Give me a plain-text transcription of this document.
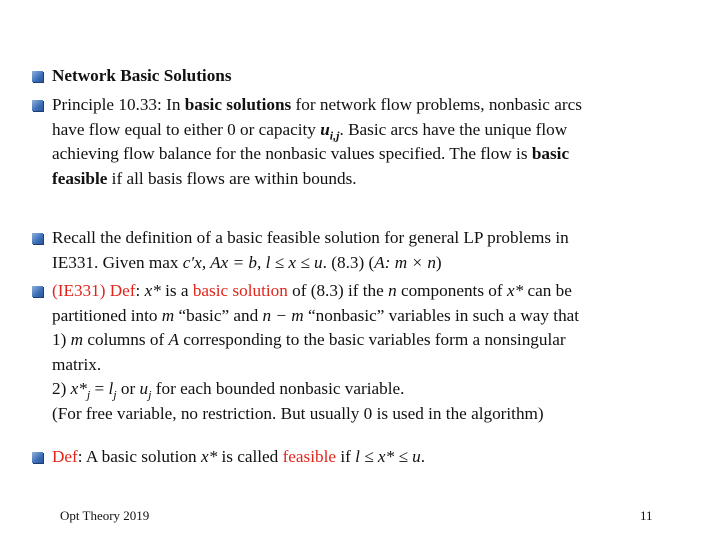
Network Basic Solutions
Principle 10.33: In basic solutions for network flow problems, nonbasic arcs
have flow equal to either 0 or capacity $u_{i,j}$. Basic arcs have the unique flow
achieving flow balance for the nonbasic values specified. The flow is basic
feasible if all basis flows are within bounds.
Recall the definition of a basic feasible solution for general LP problems in
IE331. Given max c′x, Ax = b, l ≤ x ≤ u. (8.3) (A: m × n)
(IE331) Def: x* is a basic solution of (8.3) if the n components of x* can be
partitioned into m “basic” and n − m “nonbasic” variables in such a way that
1) m columns of A corresponding to the basic variables form a nonsingular
matrix.
2) $x*_j = l_j$ or $u_j$ for each bounded nonbasic variable.
(For free variable, no restriction. But usually 0 is used in the algorithm)
Def: A basic solution x* is called feasible if l ≤ x* ≤ u.
Opt Theory 2019	11
